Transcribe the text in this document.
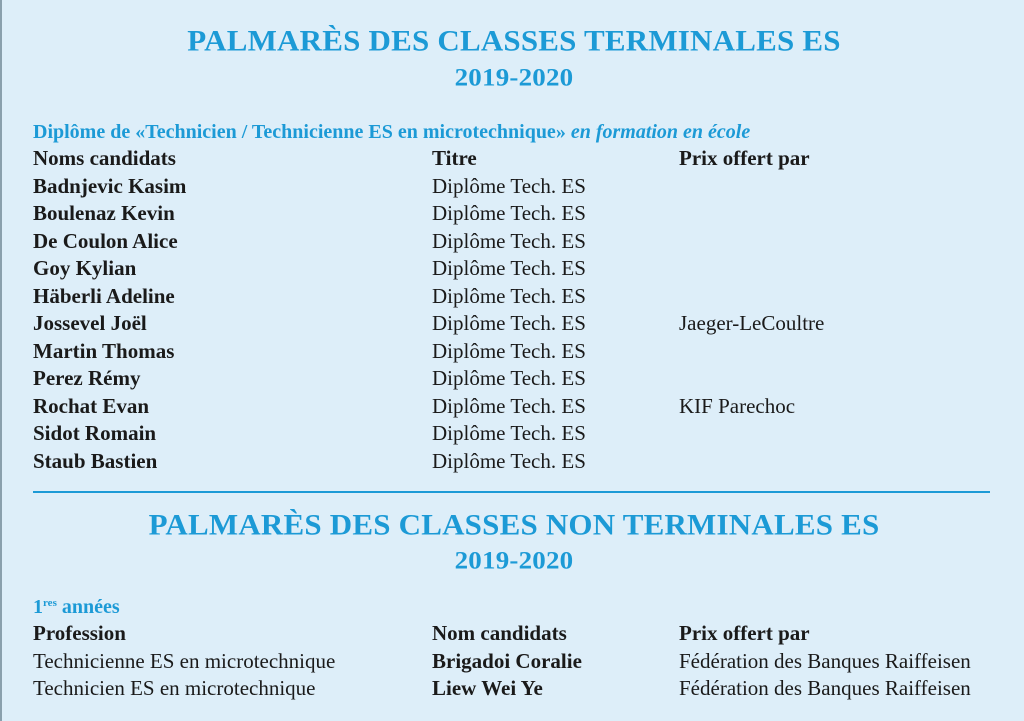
PALMARÈS DES CLASSES TERMINALES ES
2019-2020

Diplôme de «Technicien / Technicienne ES en microtechnique» en formation en école

Noms candidats	Titre	Prix offert par
Badnjevic Kasim	Diplôme Tech. ES
Boulenaz Kevin	Diplôme Tech. ES
De Coulon Alice	Diplôme Tech. ES
Goy Kylian	Diplôme Tech. ES
Häberli Adeline	Diplôme Tech. ES
Jossevel Joël	Diplôme Tech. ES	Jaeger-LeCoultre
Martin Thomas	Diplôme Tech. ES
Perez Rémy	Diplôme Tech. ES
Rochat Evan	Diplôme Tech. ES	KIF Parechoc
Sidot Romain	Diplôme Tech. ES
Staub Bastien	Diplôme Tech. ES
PALMARÈS DES CLASSES NON TERMINALES ES
2019-2020

1res années

Profession	Nom candidats	Prix offert par
Technicienne ES en microtechnique	Brigadoi Coralie	Fédération des Banques Raiffeisen
Technicien ES en microtechnique	Liew Wei Ye	Fédération des Banques Raiffeisen
